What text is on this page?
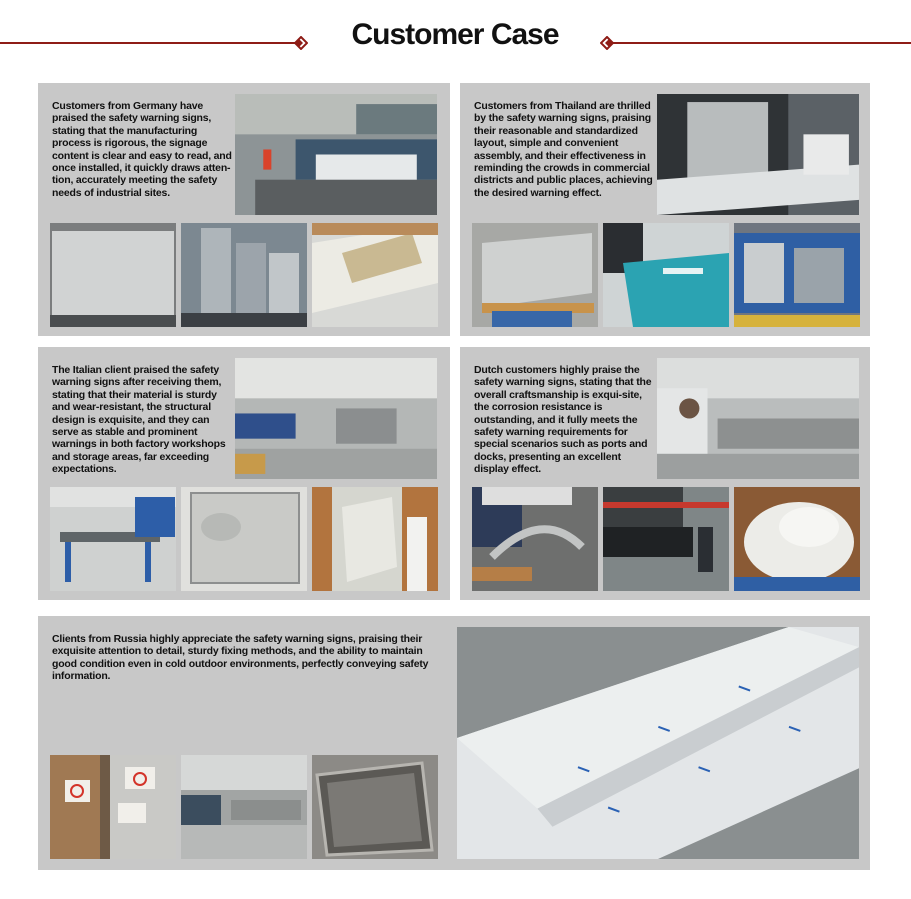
Customer Case

Customers from Germany have praised the safety warning signs, stating that the manufacturing process is rigorous, the signage content is clear and easy to read, and once installed, it quickly draws atten-tion, accurately meeting the safety needs of industrial sites.

Customers from Thailand are thrilled by the safety warning signs, praising their reasonable and standardized layout, simple and convenient assembly, and their effectiveness in reminding the crowds in commercial districts and public places, achieving the desired warning effect.

The Italian client praised the safety warning signs after receiving them, stating that their material is sturdy and wear-resistant, the structural design is exquisite, and they can serve as stable and prominent warnings in both factory workshops and storage areas, far exceeding expectations.

Dutch customers highly praise the safety warning signs, stating that the overall craftsmanship is exqui-site, the corrosion resistance is outstanding, and it fully meets the safety warning requirements for special scenarios such as ports and docks, presenting an excellent display effect.

Clients from Russia highly appreciate the safety warning signs, praising their exquisite attention to detail, sturdy fixing methods, and the ability to maintain good condition even in cold outdoor environments, perfectly conveying safety information.
